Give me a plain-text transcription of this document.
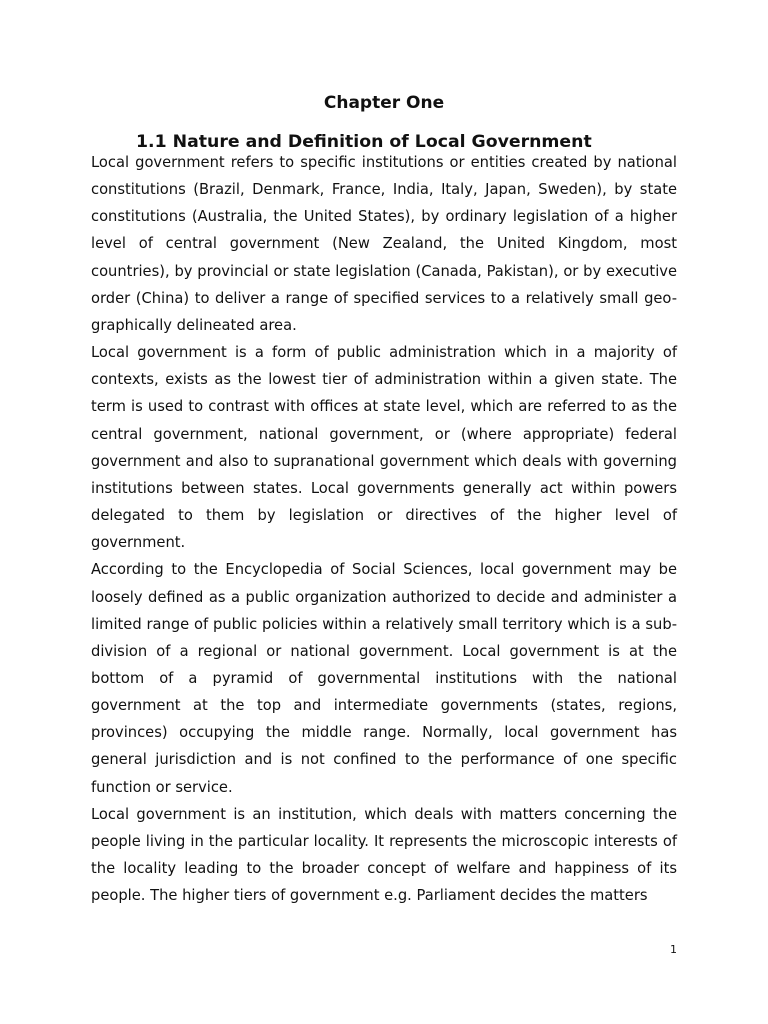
Chapter One
1.1 Nature and Definition of Local Government

Local government refers to specific institutions or entities created by national constitutions (Brazil, Denmark, France, India, Italy, Japan, Sweden), by state constitutions (Australia, the United States), by ordinary legislation of a higher level of central government (New Zealand, the United Kingdom, most countries), by provincial or state legislation (Canada, Pakistan), or by executive order (China) to deliver a range of specified services to a relatively small geo-graphically delineated area.

Local government is a form of public administration which in a majority of contexts, exists as the lowest tier of administration within a given state. The term is used to contrast with offices at state level, which are referred to as the central government, national government, or (where appropriate) federal government and also to supranational government which deals with governing institutions between states. Local governments generally act within powers delegated to them by legislation or directives of the higher level of government.

According to the Encyclopedia of Social Sciences, local government may be loosely defined as a public organization authorized to decide and administer a limited range of public policies within a relatively small territory which is a sub-division of a regional or national government. Local government is at the bottom of a pyramid of governmental institutions with the national government at the top and intermediate governments (states, regions, provinces) occupying the middle range. Normally, local government has general jurisdiction and is not confined to the performance of one specific function or service.

Local government is an institution, which deals with matters concerning the people living in the particular locality. It represents the microscopic interests of the locality leading to the broader concept of welfare and happiness of its people. The higher tiers of government e.g. Parliament decides the matters

1
